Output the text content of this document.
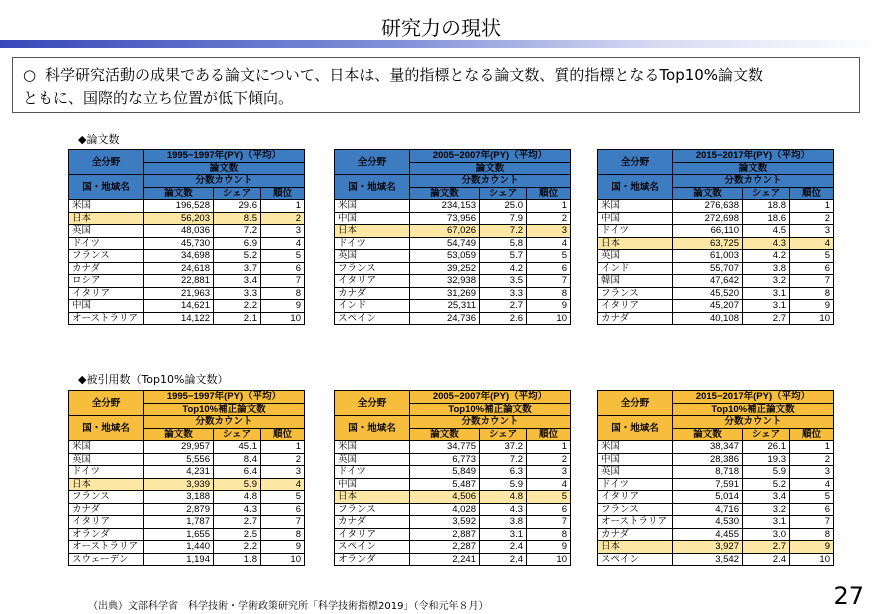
研究力の現状
○ 科学研究活動の成果である論文について、日本は、量的指標となる論文数、質的指標となるTop10%論文数
ともに、国際的な立ち位置が低下傾向。
◆論文数
◆被引用数（Top10%論文数）
全分野	1995−1997年(PY)（平均）		
	論文数		
国・地域名	分数カウント		
	論文数	シェア	順位
米国	196,528	29.6	1
日本	56,203	8.5	2
英国	48,036	7.2	3
ドイツ	45,730	6.9	4
フランス	34,698	5.2	5
カナダ	24,618	3.7	6
ロシア	22,881	3.4	7
イタリア	21,963	3.3	8
中国	14,621	2.2	9
オーストラリア	14,122	2.1	10
全分野	2005−2007年(PY)（平均）		
	論文数		
国・地域名	分数カウント		
	論文数	シェア	順位
米国	234,153	25.0	1
中国	73,956	7.9	2
日本	67,026	7.2	3
ドイツ	54,749	5.8	4
英国	53,059	5.7	5
フランス	39,252	4.2	6
イタリア	32,938	3.5	7
カナダ	31,269	3.3	8
インド	25,311	2.7	9
スペイン	24,736	2.6	10
全分野	2015−2017年(PY)（平均）		
	論文数		
国・地域名	分数カウント		
	論文数	シェア	順位
米国	276,638	18.8	1
中国	272,698	18.6	2
ドイツ	66,110	4.5	3
日本	63,725	4.3	4
英国	61,003	4.2	5
インド	55,707	3.8	6
韓国	47,642	3.2	7
フランス	45,520	3.1	8
イタリア	45,207	3.1	9
カナダ	40,108	2.7	10
全分野	1995−1997年(PY)（平均）		
	Top10%補正論文数		
国・地域名	分数カウント		
	論文数	シェア	順位
米国	29,957	45.1	1
英国	5,556	8.4	2
ドイツ	4,231	6.4	3
日本	3,939	5.9	4
フランス	3,188	4.8	5
カナダ	2,879	4.3	6
イタリア	1,787	2.7	7
オランダ	1,655	2.5	8
オーストラリア	1,440	2.2	9
スウェーデン	1,194	1.8	10
全分野	2005−2007年(PY)（平均）		
	Top10%補正論文数		
国・地域名	分数カウント		
	論文数	シェア	順位
米国	34,775	37.2	1
英国	6,773	7.2	2
ドイツ	5,849	6.3	3
中国	5,487	5.9	4
日本	4,506	4.8	5
フランス	4,028	4.3	6
カナダ	3,592	3.8	7
イタリア	2,887	3.1	8
スペイン	2,287	2.4	9
オランダ	2,241	2.4	10
全分野	2015−2017年(PY)（平均）		
	Top10%補正論文数		
国・地域名	分数カウント		
	論文数	シェア	順位
米国	38,347	26.1	1
中国	28,386	19.3	2
英国	8,718	5.9	3
ドイツ	7,591	5.2	4
イタリア	5,014	3.4	5
フランス	4,716	3.2	6
オーストラリア	4,530	3.1	7
カナダ	4,455	3.0	8
日本	3,927	2.7	9
スペイン	3,542	2.4	10
（出典）文部科学省　科学技術・学術政策研究所「科学技術指標2019」（令和元年８月）	27
